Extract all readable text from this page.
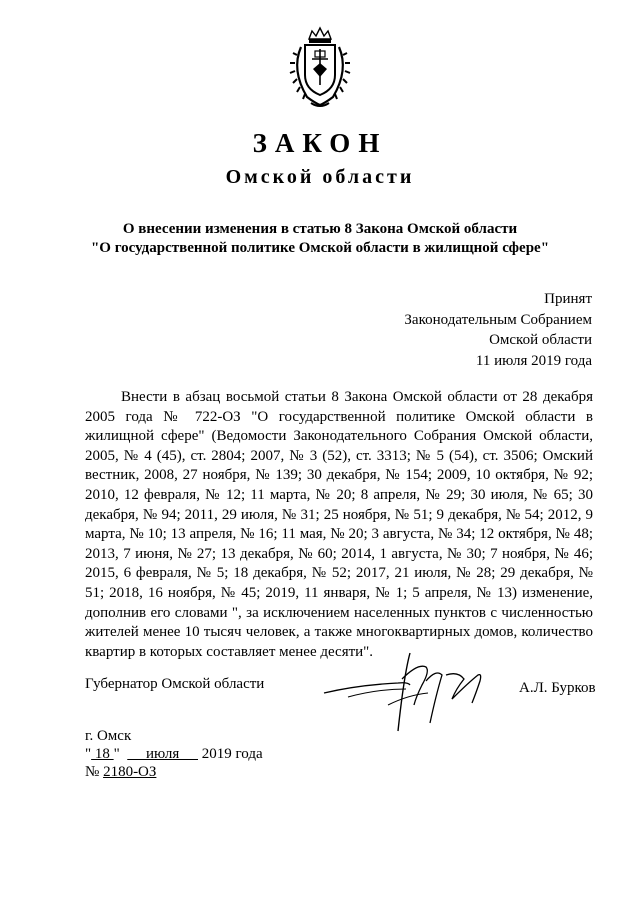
ЗАКОН
Омской области
О внесении изменения в статью 8 Закона Омской области
"О государственной политике Омской области в жилищной сфере"
Принят
Законодательным Собранием
Омской области
11 июля 2019 года
Внести в абзац восьмой статьи 8 Закона Омской области от 28 декабря 2005 года № 722-ОЗ "О государственной политике Омской области в жилищной сфере" (Ведомости Законодательного Собрания Омской области, 2005, № 4 (45), ст. 2804; 2007, № 3 (52), ст. 3313; № 5 (54), ст. 3506; Омский вестник, 2008, 27 ноября, № 139; 30 декабря, № 154; 2009, 10 октября, № 92; 2010, 12 февраля, № 12; 11 марта, № 20; 8 апреля, № 29; 30 июля, № 65; 30 декабря, № 94; 2011, 29 июля, № 31; 25 ноября, № 51; 9 декабря, № 54; 2012, 9 марта, № 10; 13 апреля, № 16; 11 мая, № 20; 3 августа, № 34; 12 октября, № 48; 2013, 7 июня, № 27; 13 декабря, № 60; 2014, 1 августа, № 30; 7 ноября, № 46; 2015, 6 февраля, № 5; 18 декабря, № 52; 2017, 21 июля, № 28; 29 декабря, № 51; 2018, 16 ноября, № 45; 2019, 11 января, № 1; 5 апреля, № 13) изменение, дополнив его словами ", за исключением населенных пунктов с численностью жителей менее 10 тысяч человек, а также многоквартирных домов, количество квартир в которых составляет менее десяти".
Губернатор Омской области	А.Л. Бурков
г. Омск
" 18 "       июля      2019 года
№ 2180-ОЗ
